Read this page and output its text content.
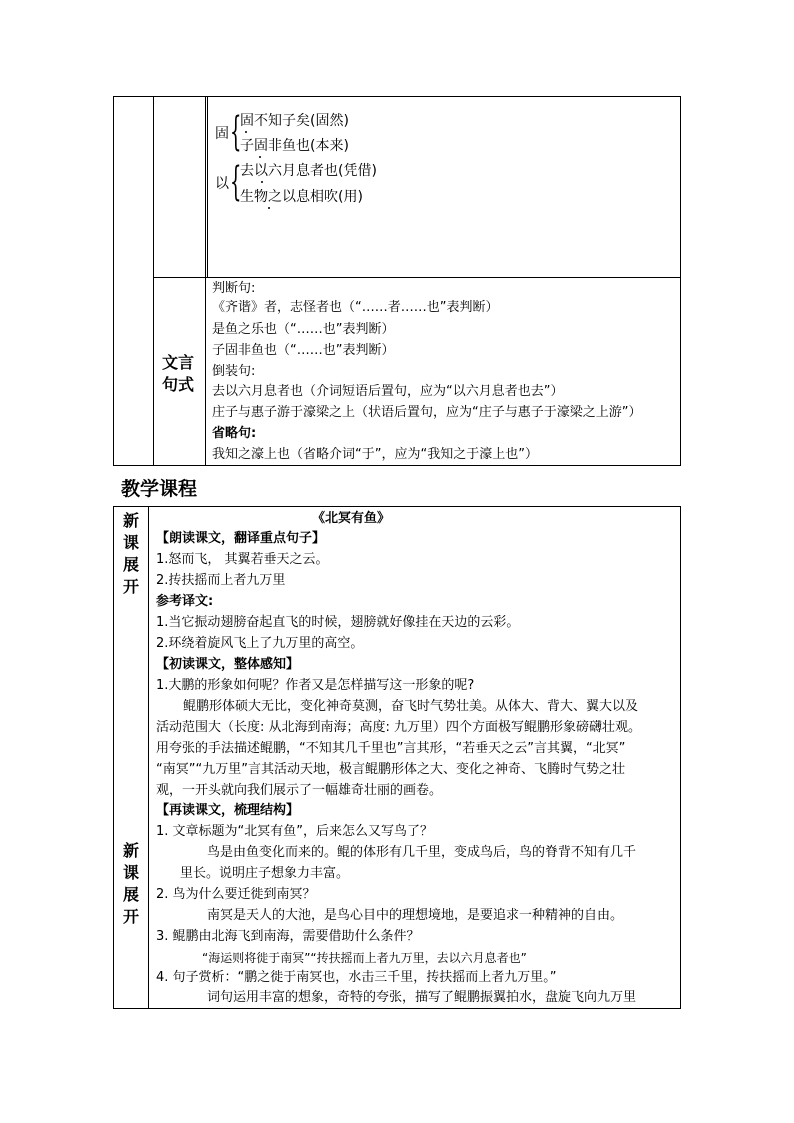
固 {
固不知子矣(固然)
子固非鱼也(本来)
以 {
去以六月息者也(凭借)
生物之以息相吹(用)
文言句式
判断句:
《齐谐》者，志怪者也（“……者……也”表判断）
是鱼之乐也（“……也”表判断）
子固非鱼也（“……也”表判断）
倒装句:
去以六月息者也（介词短语后置句，应为“以六月息者也去”）
庄子与惠子游于濠梁之上（状语后置句，应为“庄子与惠子于濠梁之上游”）
省略句:
我知之濠上也（省略介词“于”，应为“我知之于濠上也”）
教学课程
新课展开
新课展开
《北冥有鱼》
【朗读课文，翻译重点句子】
1.怒而飞， 其翼若垂天之云。
2.抟扶摇而上者九万里
参考译文:
1.当它振动翅膀奋起直飞的时候，翅膀就好像挂在天边的云彩。
2.环绕着旋风飞上了九万里的高空。
【初读课文，整体感知】
1.大鹏的形象如何呢？作者又是怎样描写这一形象的呢?
鲲鹏形体硕大无比，变化神奇莫测，奋飞时气势壮美。从体大、背大、翼大以及
活动范围大（长度: 从北海到南海；高度: 九万里）四个方面极写鲲鹏形象磅礴壮观。
用夸张的手法描述鲲鹏，“不知其几千里也”言其形，“若垂天之云”言其翼，“北冥”
“南冥”“九万里”言其活动天地，极言鲲鹏形体之大、变化之神奇、飞腾时气势之壮
观，一开头就向我们展示了一幅雄奇壮丽的画卷。
【再读课文，梳理结构】
1. 文章标题为“北冥有鱼”，后来怎么又写鸟了？
鸟是由鱼变化而来的。鲲的体形有几千里，变成鸟后，鸟的脊背不知有几千
里长。说明庄子想象力丰富。
2. 鸟为什么要迁徙到南冥？
南冥是天人的大池，是鸟心目中的理想境地，是要追求一种精神的自由。
3. 鲲鹏由北海飞到南海，需要借助什么条件？
“海运则将徙于南冥”“抟扶摇而上者九万里，去以六月息者也”
4. 句子赏析：“鹏之徙于南冥也，水击三千里，抟扶摇而上者九万里。”
词句运用丰富的想象，奇特的夸张，描写了鲲鹏振翼拍水，盘旋飞向九万里
